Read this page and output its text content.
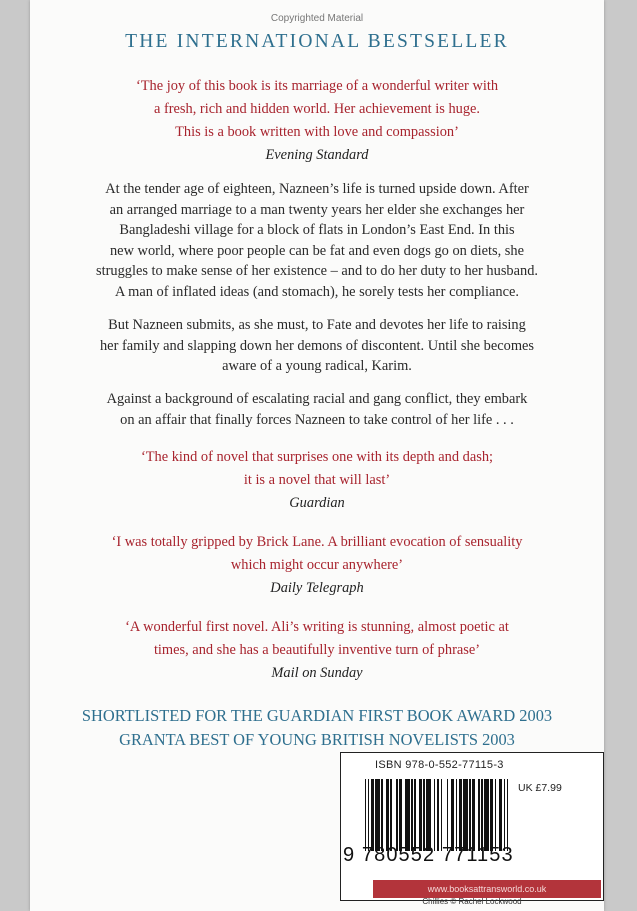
Copyrighted Material
THE INTERNATIONAL BESTSELLER
‘The joy of this book is its marriage of a wonderful writer with
a fresh, rich and hidden world. Her achievement is huge.
This is a book written with love and compassion’
Evening Standard
At the tender age of eighteen, Nazneen’s life is turned upside down. After
an arranged marriage to a man twenty years her elder she exchanges her
Bangladeshi village for a block of flats in London’s East End. In this
new world, where poor people can be fat and even dogs go on diets, she
struggles to make sense of her existence – and to do her duty to her husband.
A man of inflated ideas (and stomach), he sorely tests her compliance.
But Nazneen submits, as she must, to Fate and devotes her life to raising
her family and slapping down her demons of discontent. Until she becomes
aware of a young radical, Karim.
Against a background of escalating racial and gang conflict, they embark
on an affair that finally forces Nazneen to take control of her life . . .
‘The kind of novel that surprises one with its depth and dash;
it is a novel that will last’
Guardian
‘I was totally gripped by Brick Lane. A brilliant evocation of sensuality
which might occur anywhere’
Daily Telegraph
‘A wonderful first novel. Ali’s writing is stunning, almost poetic at
times, and she has a beautifully inventive turn of phrase’
Mail on Sunday
SHORTLISTED FOR THE GUARDIAN FIRST BOOK AWARD 2003
GRANTA BEST OF YOUNG BRITISH NOVELISTS 2003
ISBN 978-0-552-77115-3
UK £7.99
9 780552 771153
www.booksattransworld.co.uk
Chillies © Rachel Lockwood
